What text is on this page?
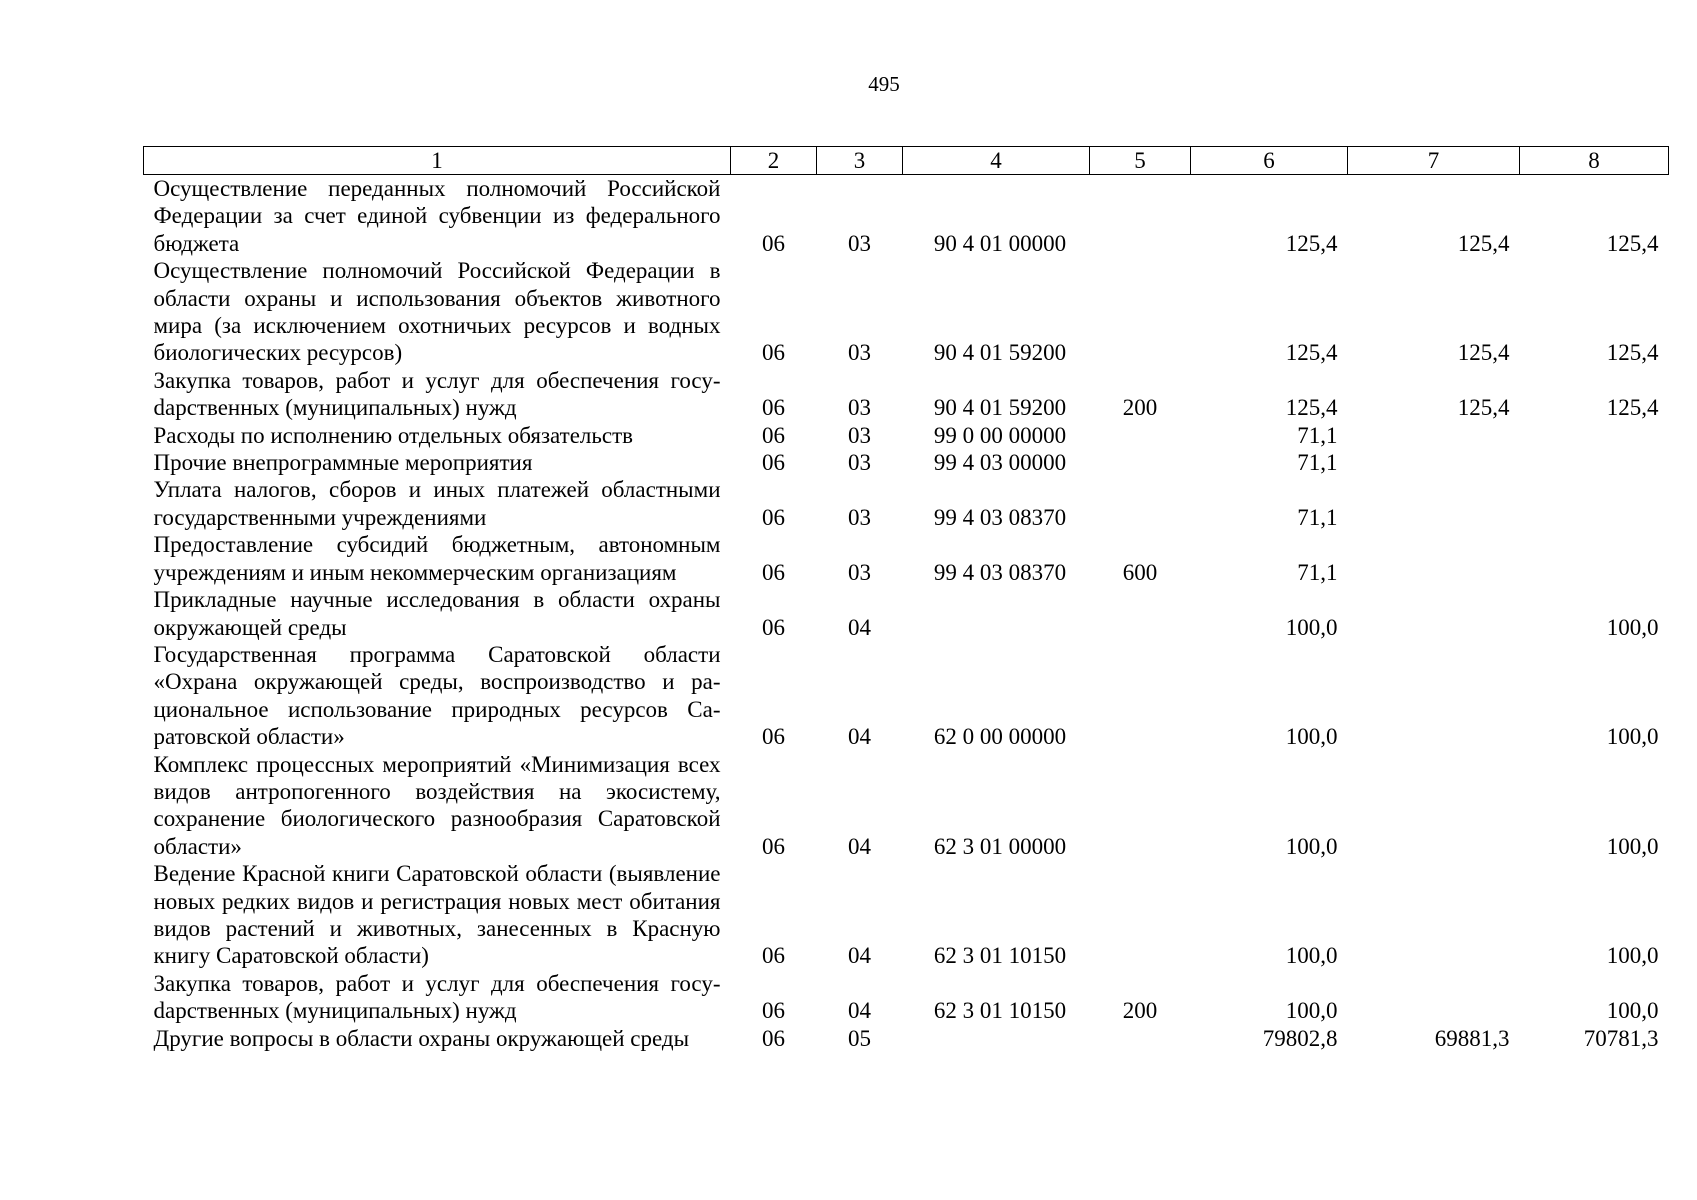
495
1	2	3	4	5	6	7	8
Осуществление переданных полномочий Российской Федерации за счет единой субвенции из федерального бюджета	06	03	90 4 01 00000		125,4	125,4	125,4
Осуществление полномочий Российской Федерации в области охраны и использования объектов животного мира (за исключением охотничьих ресурсов и водных биологических ресурсов)	06	03	90 4 01 59200		125,4	125,4	125,4
Закупка товаров, работ и услуг для обеспечения госуdарственных (муниципальных) нужд	06	03	90 4 01 59200	200	125,4	125,4	125,4
Расходы по исполнению отдельных обязательств	06	03	99 0 00 00000		71,1		
Прочие внепрограммные мероприятия	06	03	99 4 03 00000		71,1		
Уплата налогов, сборов и иных платежей областными государственными учреждениями	06	03	99 4 03 08370		71,1		
Предоставление субсидий бюджетным, автономным учреждениям и иным некоммерческим организациям	06	03	99 4 03 08370	600	71,1		
Прикладные научные исследования в области охраны окружающей среды	06	04			100,0		100,0
Государственная программа Саратовской области «Охрана окружающей среды, воспроизводство и рациональное использование природных ресурсов Саратовской области»	06	04	62 0 00 00000		100,0		100,0
Комплекс процессных мероприятий «Минимизация всех видов антропогенного воздействия на экосистему, сохранение биологического разнообразия Саратовской области»	06	04	62 3 01 00000		100,0		100,0
Ведение Красной книги Саратовской области (выявление новых редких видов и регистрация новых мест обитания видов растений и животных, занесенных в Красную книгу Саратовской области)	06	04	62 3 01 10150		100,0		100,0
Закупка товаров, работ и услуг для обеспечения госуdарственных (муниципальных) нужд	06	04	62 3 01 10150	200	100,0		100,0
Другие вопросы в области охраны окружающей среды	06	05			79802,8	69881,3	70781,3
